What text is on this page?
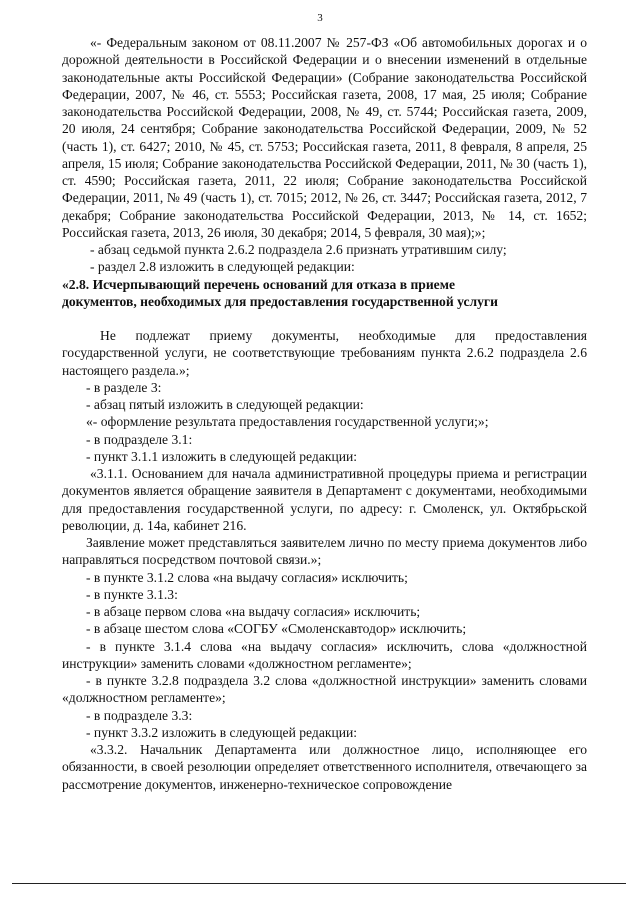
3

«- Федеральным законом от 08.11.2007 № 257-ФЗ «Об автомобильных дорогах и о дорожной деятельности в Российской Федерации и о внесении изменений в отдельные законодательные акты Российской Федерации» (Собрание законодательства Российской Федерации, 2007, № 46, ст. 5553; Российская газета, 2008, 17 мая, 25 июля; Собрание законодательства Российской Федерации, 2008, № 49, ст. 5744; Российская газета, 2009, 20 июля, 24 сентября; Собрание законодательства Российской Федерации, 2009, № 52 (часть 1), ст. 6427; 2010, № 45, ст. 5753; Российская газета, 2011, 8 февраля, 8 апреля, 25 апреля, 15 июля; Собрание законодательства Российской Федерации, 2011, № 30 (часть 1), ст. 4590; Российская газета, 2011, 22 июля; Собрание законодательства Российской Федерации, 2011, № 49 (часть 1), ст. 7015; 2012, № 26, ст. 3447; Российская газета, 2012, 7 декабря; Собрание законодательства Российской Федерации, 2013, № 14, ст. 1652; Российская газета, 2013, 26 июля, 30 декабря; 2014, 5 февраля, 30 мая);»;

- абзац седьмой пункта 2.6.2 подраздела 2.6 признать утратившим силу;

- раздел 2.8 изложить в следующей редакции:

«2.8. Исчерпывающий перечень оснований для отказа в приеме

документов, необходимых для предоставления государственной услуги

Не подлежат приему документы, необходимые для предоставления государственной услуги, не соответствующие требованиям пункта 2.6.2 подраздела 2.6 настоящего раздела.»;

- в разделе 3:

- абзац пятый изложить в следующей редакции:

«- оформление результата предоставления государственной услуги;»;

- в подразделе 3.1:

- пункт 3.1.1 изложить в следующей редакции:

«3.1.1. Основанием для начала административной процедуры приема и регистрации документов является обращение заявителя в Департамент с документами, необходимыми для предоставления государственной услуги, по адресу: г. Смоленск, ул. Октябрьской революции, д. 14а, кабинет 216.

Заявление может представляться заявителем лично по месту приема документов либо направляться посредством почтовой связи.»;

- в пункте 3.1.2 слова «на выдачу согласия» исключить;

- в пункте 3.1.3:

- в абзаце первом слова «на выдачу согласия» исключить;

- в абзаце шестом слова «СОГБУ «Смоленскавтодор» исключить;

- в пункте 3.1.4 слова «на выдачу согласия» исключить, слова «должностной инструкции» заменить словами «должностном регламенте»;

- в пункте 3.2.8 подраздела 3.2 слова «должностной инструкции» заменить словами «должностном регламенте»;

- в подразделе 3.3:

- пункт 3.3.2 изложить в следующей редакции:

«3.3.2. Начальник Департамента или должностное лицо, исполняющее его обязанности, в своей резолюции определяет ответственного исполнителя, отвечающего за рассмотрение документов, инженерно-техническое сопровождение
